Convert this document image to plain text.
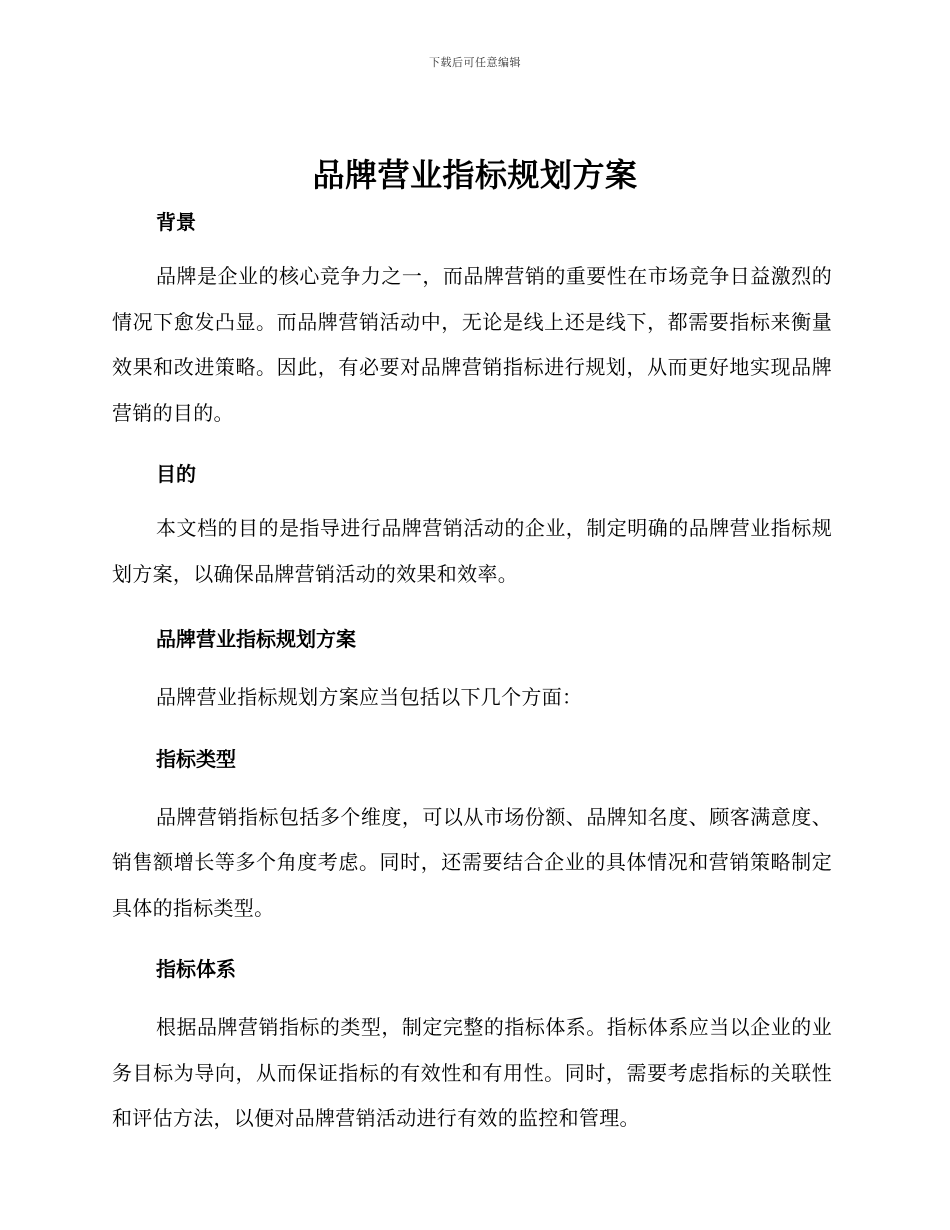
下载后可任意编辑
品牌营业指标规划方案
背景

品牌是企业的核心竞争力之一，而品牌营销的重要性在市场竞争日益激烈的情况下愈发凸显。而品牌营销活动中，无论是线上还是线下，都需要指标来衡量效果和改进策略。因此，有必要对品牌营销指标进行规划，从而更好地实现品牌营销的目的。

目的

本文档的目的是指导进行品牌营销活动的企业，制定明确的品牌营业指标规划方案，以确保品牌营销活动的效果和效率。

品牌营业指标规划方案

品牌营业指标规划方案应当包括以下几个方面：

指标类型

品牌营销指标包括多个维度，可以从市场份额、品牌知名度、顾客满意度、销售额增长等多个角度考虑。同时，还需要结合企业的具体情况和营销策略制定具体的指标类型。

指标体系

根据品牌营销指标的类型，制定完整的指标体系。指标体系应当以企业的业务目标为导向，从而保证指标的有效性和有用性。同时，需要考虑指标的关联性和评估方法，以便对品牌营销活动进行有效的监控和管理。
